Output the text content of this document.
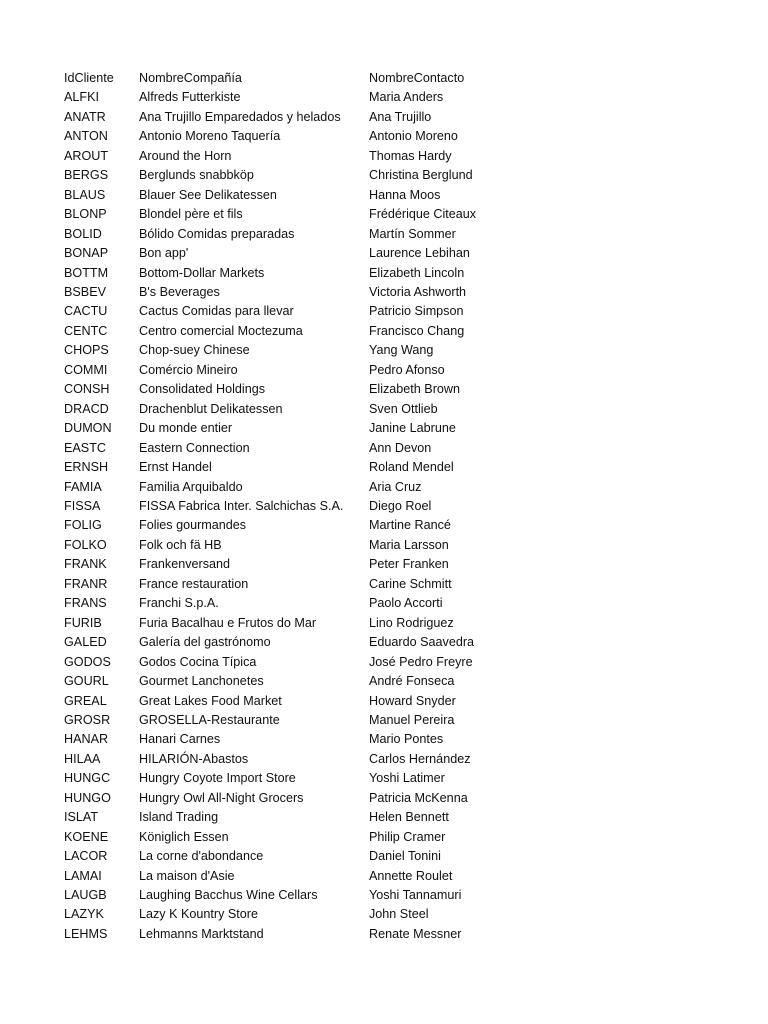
IdCliente	NombreCompañía	NombreContacto
ALFKI	Alfreds Futterkiste	Maria Anders
ANATR	Ana Trujillo Emparedados y helados	Ana Trujillo
ANTON	Antonio Moreno Taquería	Antonio Moreno
AROUT	Around the Horn	Thomas Hardy
BERGS	Berglunds snabbköp	Christina Berglund
BLAUS	Blauer See Delikatessen	Hanna Moos
BLONP	Blondel père et fils	Frédérique Citeaux
BOLID	Bólido Comidas preparadas	Martín Sommer
BONAP	Bon app'	Laurence Lebihan
BOTTM	Bottom-Dollar Markets	Elizabeth Lincoln
BSBEV	B's Beverages	Victoria Ashworth
CACTU	Cactus Comidas para llevar	Patricio Simpson
CENTC	Centro comercial Moctezuma	Francisco Chang
CHOPS	Chop-suey Chinese	Yang Wang
COMMI	Comércio Mineiro	Pedro Afonso
CONSH	Consolidated Holdings	Elizabeth Brown
DRACD	Drachenblut Delikatessen	Sven Ottlieb
DUMON	Du monde entier	Janine Labrune
EASTC	Eastern Connection	Ann Devon
ERNSH	Ernst Handel	Roland Mendel
FAMIA	Familia Arquibaldo	Aria Cruz
FISSA	FISSA Fabrica Inter. Salchichas S.A.	Diego Roel
FOLIG	Folies gourmandes	Martine Rancé
FOLKO	Folk och fä HB	Maria Larsson
FRANK	Frankenversand	Peter Franken
FRANR	France restauration	Carine Schmitt
FRANS	Franchi S.p.A.	Paolo Accorti
FURIB	Furia Bacalhau e Frutos do Mar	Lino Rodriguez
GALED	Galería del gastrónomo	Eduardo Saavedra
GODOS	Godos Cocina Típica	José Pedro Freyre
GOURL	Gourmet Lanchonetes	André Fonseca
GREAL	Great Lakes Food Market	Howard Snyder
GROSR	GROSELLA-Restaurante	Manuel Pereira
HANAR	Hanari Carnes	Mario Pontes
HILAA	HILARIÓN-Abastos	Carlos Hernández
HUNGC	Hungry Coyote Import Store	Yoshi Latimer
HUNGO	Hungry Owl All-Night Grocers	Patricia McKenna
ISLAT	Island Trading	Helen Bennett
KOENE	Königlich Essen	Philip Cramer
LACOR	La corne d'abondance	Daniel Tonini
LAMAI	La maison d'Asie	Annette Roulet
LAUGB	Laughing Bacchus Wine Cellars	Yoshi Tannamuri
LAZYK	Lazy K Kountry Store	John Steel
LEHMS	Lehmanns Marktstand	Renate Messner
